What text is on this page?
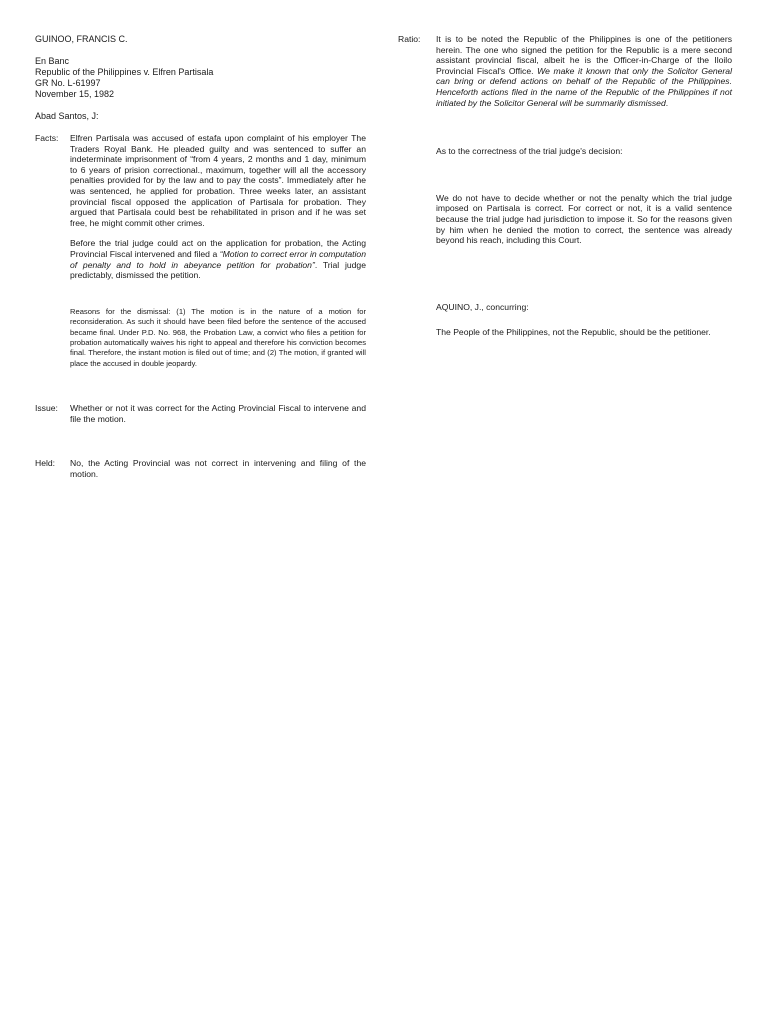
GUINOO, FRANCIS C.

En Banc

Republic of the Philippines v. Elfren Partisala

GR No. L-61997

November 15, 1982

Abad Santos, J:

Facts:	Elfren Partisala was accused of estafa upon complaint of his employer The Traders Royal Bank. He pleaded guilty and was sentenced to suffer an indeterminate imprisonment of “from 4 years, 2 months and 1 day, minimum to 6 years of prision correctional., maximum, together will all the accessory penalties provided for by the law and to pay the costs”. Immediately after he was sentenced, he applied for probation. Three weeks later, an assistant provincial fiscal opposed the application of Partisala for probation. They argued that Partisala could best be rehabilitated in prison and if he was set free, he might commit other crimes.

Before the trial judge could act on the application for probation, the Acting Provincial Fiscal intervened and filed a “Motion to correct error in computation of penalty and to hold in abeyance petition for probation”. Trial judge predictably, dismissed the petition.

Reasons for the dismissal: (1) The motion is in the nature of a motion for reconsideration. As such it should have been filed before the sentence of the accused became final. Under P.D. No. 968, the Probation Law, a convict who files a petition for probation automatically waives his right to appeal and therefore his conviction becomes final. Therefore, the instant motion is filed out of time; and (2) The motion, if granted will place the accused in double jeopardy.

Issue:	Whether or not it was correct for the Acting Provincial Fiscal to intervene and file the motion.

Held:	No, the Acting Provincial was not correct in intervening and filing of the motion.

Ratio:	It is to be noted the Republic of the Philippines is one of the petitioners herein. The one who signed the petition for the Republic is a mere second assistant provincial fiscal, albeit he is the Officer-in-Charge of the Iloilo Provincial Fiscal's Office. We make it known that only the Solicitor General can bring or defend actions on behalf of the Republic of the Philippines. Henceforth actions filed in the name of the Republic of the Philippines if not initiated by the Solicitor General will be summarily dismissed.

As to the correctness of the trial judge's decision:

We do not have to decide whether or not the penalty which the trial judge imposed on Partisala is correct. For correct or not, it is a valid sentence because the trial judge had jurisdiction to impose it. So for the reasons given by him when he denied the motion to correct, the sentence was already beyond his reach, including this Court.

AQUINO, J., concurring:

The People of the Philippines, not the Republic, should be the petitioner.
